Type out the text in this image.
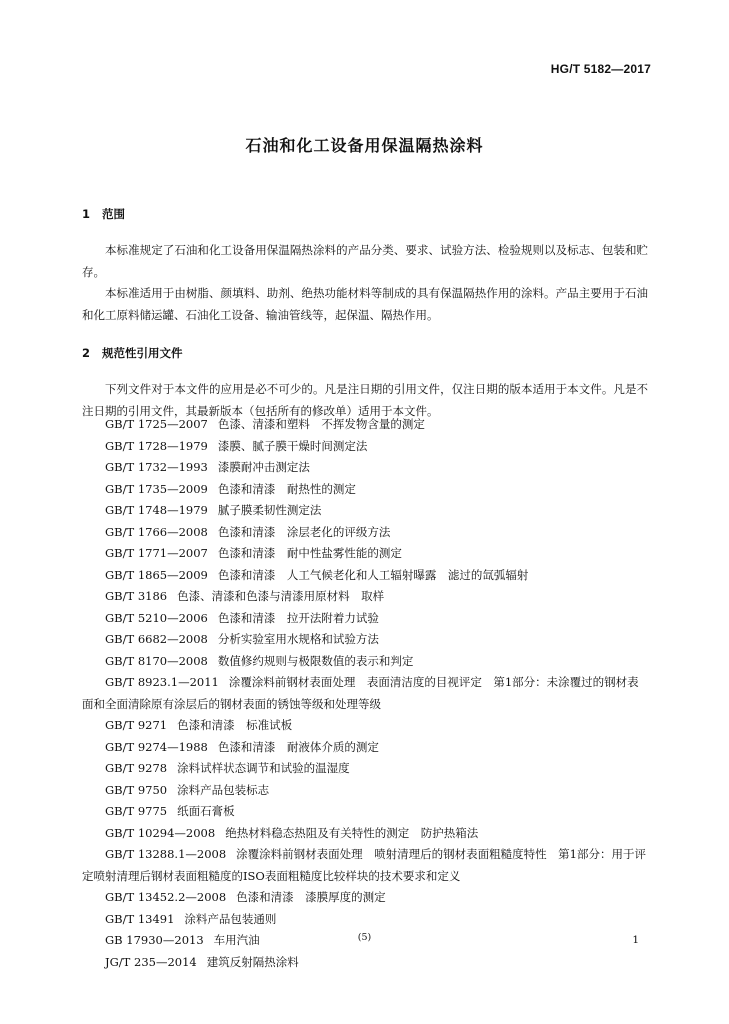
HG/T 5182—2017
石油和化工设备用保温隔热涂料
1 范围

本标准规定了石油和化工设备用保温隔热涂料的产品分类、要求、试验方法、检验规则以及标志、包装和贮存。

本标准适用于由树脂、颜填料、助剂、绝热功能材料等制成的具有保温隔热作用的涂料。产品主要用于石油和化工原料储运罐、石油化工设备、输油管线等，起保温、隔热作用。

2 规范性引用文件

下列文件对于本文件的应用是必不可少的。凡是注日期的引用文件，仅注日期的版本适用于本文件。凡是不注日期的引用文件，其最新版本（包括所有的修改单）适用于本文件。

GB/T 1725—2007 色漆、清漆和塑料　不挥发物含量的测定
GB/T 1728—1979 漆膜、腻子膜干燥时间测定法
GB/T 1732—1993 漆膜耐冲击测定法
GB/T 1735—2009 色漆和清漆　耐热性的测定
GB/T 1748—1979 腻子膜柔韧性测定法
GB/T 1766—2008 色漆和清漆　涂层老化的评级方法
GB/T 1771—2007 色漆和清漆　耐中性盐雾性能的测定
GB/T 1865—2009 色漆和清漆　人工气候老化和人工辐射曝露　滤过的氙弧辐射
GB/T 3186 色漆、清漆和色漆与清漆用原材料　取样
GB/T 5210—2006 色漆和清漆　拉开法附着力试验
GB/T 6682—2008 分析实验室用水规格和试验方法
GB/T 8170—2008 数值修约规则与极限数值的表示和判定
GB/T 8923.1—2011 涂覆涂料前钢材表面处理　表面清洁度的目视评定　第1部分：未涂覆过的钢材表面和全面清除原有涂层后的钢材表面的锈蚀等级和处理等级
GB/T 9271 色漆和清漆　标准试板
GB/T 9274—1988 色漆和清漆　耐液体介质的测定
GB/T 9278 涂料试样状态调节和试验的温湿度
GB/T 9750 涂料产品包装标志
GB/T 9775 纸面石膏板
GB/T 10294—2008 绝热材料稳态热阻及有关特性的测定　防护热箱法
GB/T 13288.1—2008 涂覆涂料前钢材表面处理　喷射清理后的钢材表面粗糙度特性　第1部分：用于评定喷射清理后钢材表面粗糙度的ISO表面粗糙度比较样块的技术要求和定义
GB/T 13452.2—2008 色漆和清漆　漆膜厚度的测定
GB/T 13491 涂料产品包装通则
GB 17930—2013 车用汽油
JG/T 235—2014 建筑反射隔热涂料
(5)	1
